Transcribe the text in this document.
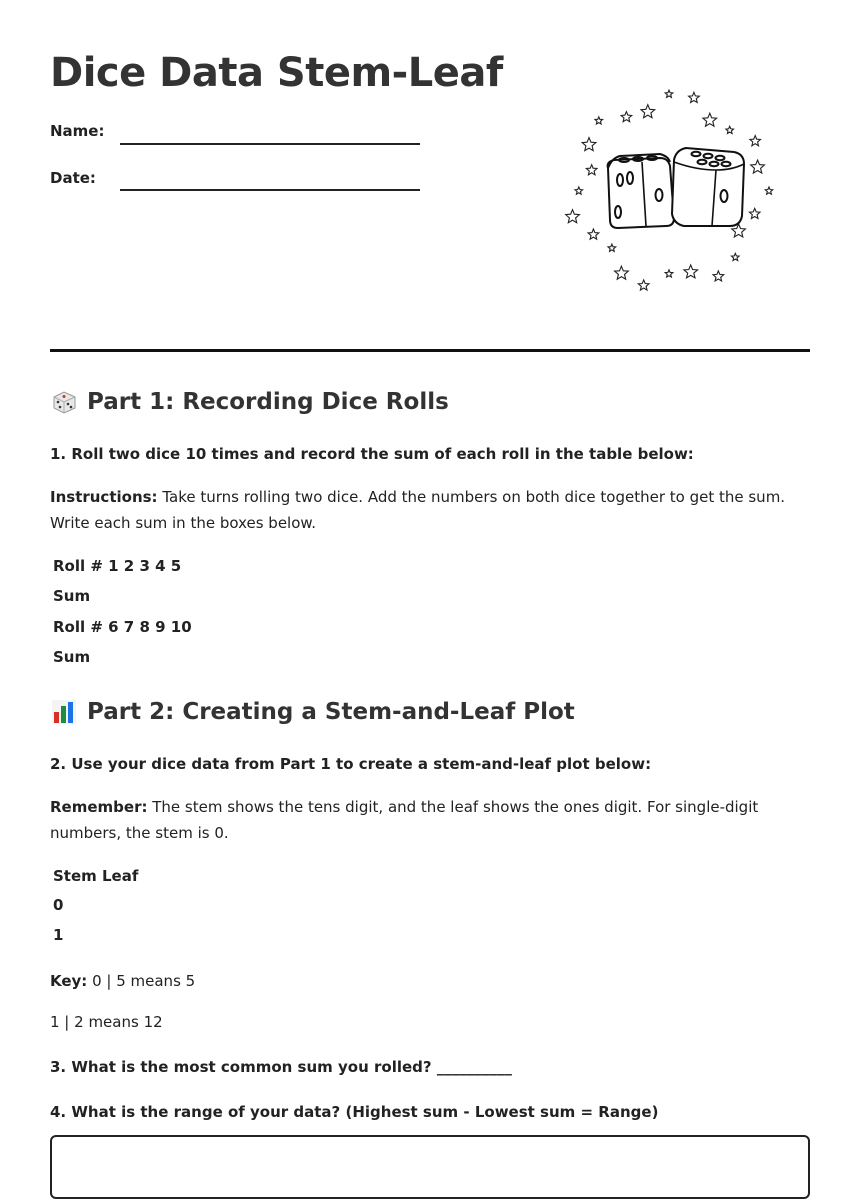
Dice Data Stem-Leaf
Name:
Date:
Part 1: Recording Dice Rolls

1. Roll two dice 10 times and record the sum of each roll in the table below:

Instructions: Take turns rolling two dice. Add the numbers on both dice together to get the sum. Write each sum in the boxes below.

Roll # 1 2 3 4 5

Sum

Roll # 6 7 8 9 10

Sum

Part 2: Creating a Stem-and-Leaf Plot

2. Use your dice data from Part 1 to create a stem-and-leaf plot below:

Remember: The stem shows the tens digit, and the leaf shows the ones digit. For single-digit numbers, the stem is 0.

Stem Leaf

0

1

Key: 0 | 5 means 5

1 | 2 means 12

3. What is the most common sum you rolled? __________

4. What is the range of your data? (Highest sum - Lowest sum = Range)
